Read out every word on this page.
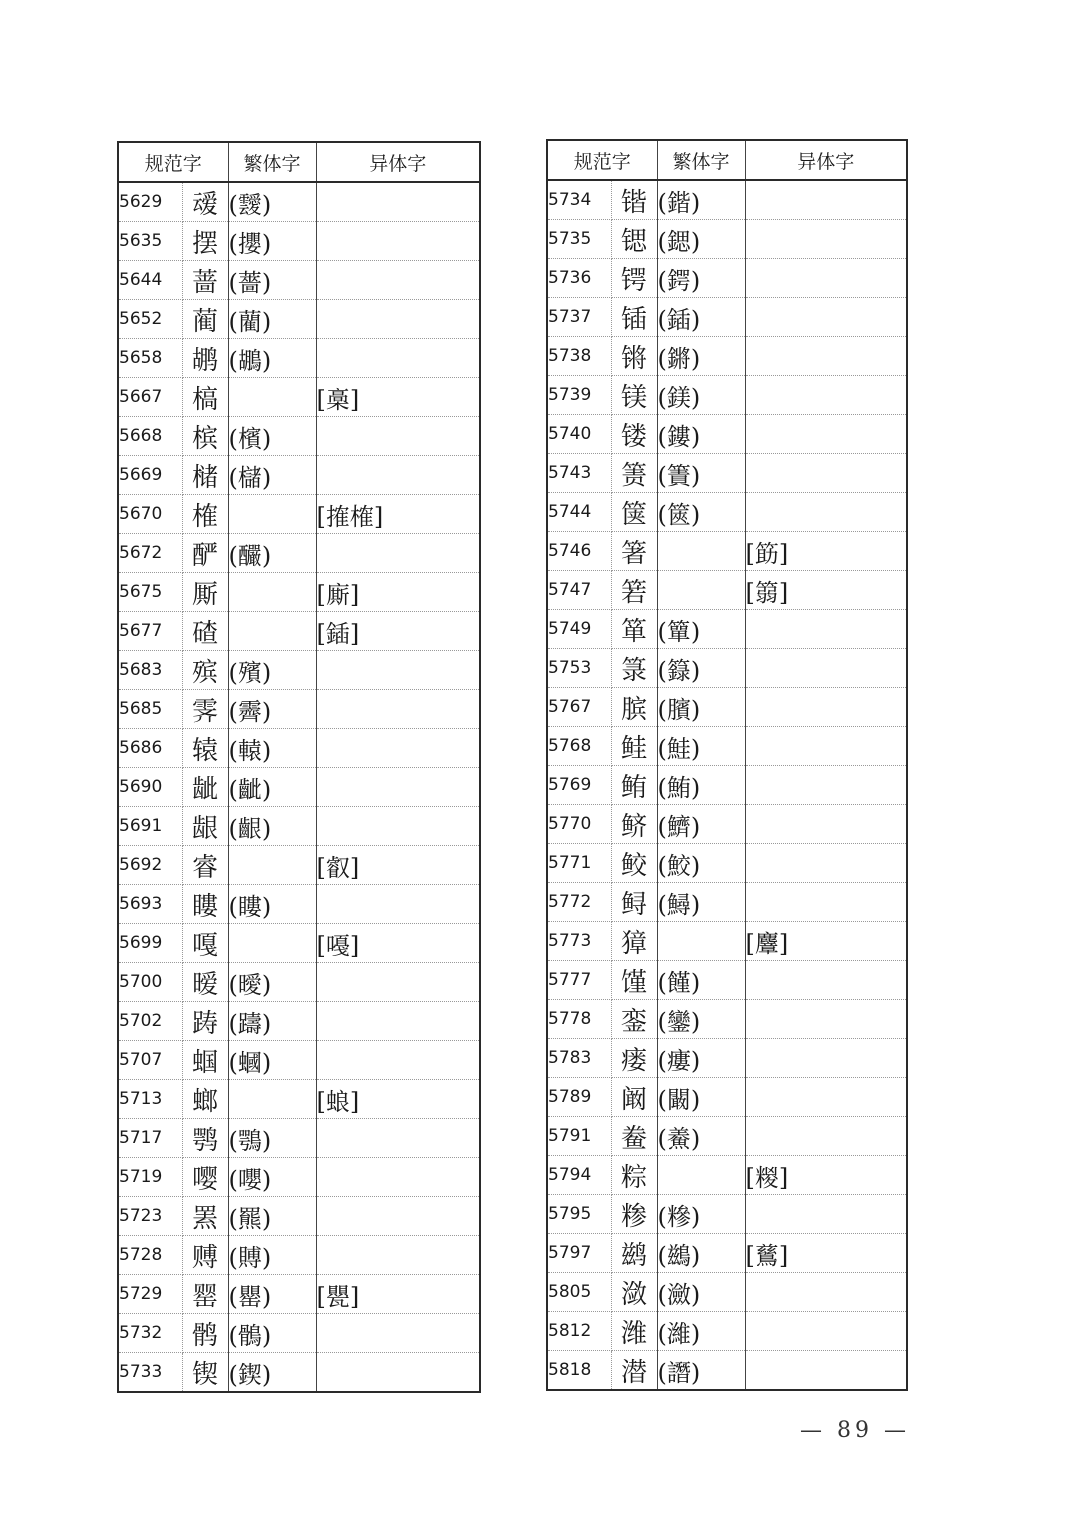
规范字		繁体字	异体字
5629	叆	(靉)	
5635	摆	(攖)	
5644	蔷	(薔)	
5652	蔺	(藺)	
5658	鹕	(鶘)	
5667	槁		[槀]
5668	槟	(檳)	
5669	槠	(櫧)	
5670	榷		[搉榷]
5672	酽	(釅)	
5675	厮		[廝]
5677	碴		[鍤]
5683	殡	(殯)	
5685	霁	(霽)	
5686	辕	(轅)	
5690	龇	(齜)	
5691	龈	(齦)	
5692	睿		[叡]
5693	瞜	(瞜)	
5699	嘎		[嘠]
5700	暧	(曖)	
5702	踌	(躊)	
5707	蝈	(蟈)	
5713	螂		[蜋]
5717	鹗	(鶚)	
5719	嘤	(嚶)	
5723	罴	(羆)	
5728	赙	(賻)	
5729	罂	(罌)	[甖]
5732	鹘	(鶻)	
5733	锲	(鍥)	
规范字		繁体字	异体字
5734	锴	(鍇)	
5735	锶	(鍶)	
5736	锷	(鍔)	
5737	锸	(鍤)	
5738	锵	(鏘)	
5739	镁	(鎂)	
5740	镂	(鏤)	
5743	箦	(簀)	
5744	箧	(篋)	
5746	箸		[筯]
5747	箬		[篛]
5749	箪	(簞)	
5753	箓	(籙)	
5767	膑	(臏)	
5768	鲑	(鮭)	
5769	鲔	(鮪)	
5770	鲚	(鱭)	
5771	鲛	(鮫)	
5772	鲟	(鱘)	
5773	獐		[麞]
5777	馑	(饉)	
5778	銮	(鑾)	
5783	瘘	(瘻)	
5789	阚	(闞)	
5791	鲞	(鯗)	
5794	粽		[糉]
5795	糁	(糝)	
5797	鹚	(鷀)	[鶿]
5805	潋	(瀲)	
5812	潍	(濰)	
5818	潜	(譖)	
— 89 —
